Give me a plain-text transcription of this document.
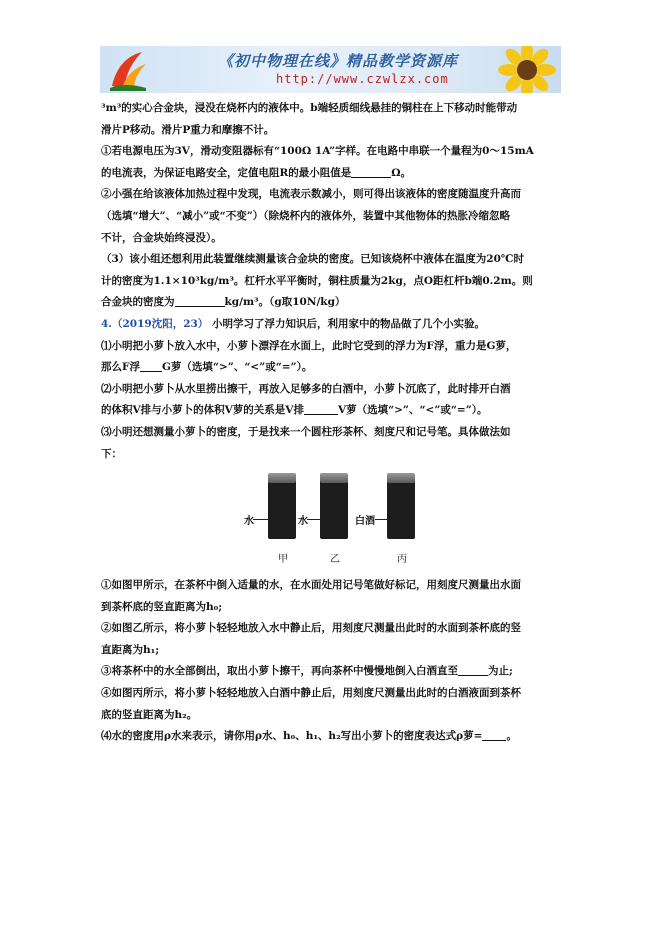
《初中物理在线》精品教学资源库
http://www.czwlzx.com

³m³的实心合金块，浸没在烧杯内的液体中。b端轻质细线悬挂的铜柱在上下移动时能带动

滑片P移动。滑片P重力和摩擦不计。

①若电源电压为3V，滑动变阻器标有“100Ω 1A”字样。在电路中串联一个量程为0～15mA

的电流表，为保证电路安全，定值电阻R的最小阻值是	Ω。

②小强在给该液体加热过程中发现，电流表示数减小，则可得出该液体的密度随温度升高而

（选填“增大”、“减小”或“不变”）（除烧杯内的液体外，装置中其他物体的热胀冷缩忽略

不计，合金块始终浸没）。

（3）该小组还想利用此装置继续测量该合金块的密度。已知该烧杯中液体在温度为20℃时

计的密度为1.1×10³kg/m³。杠杆水平平衡时，铜柱质量为2kg，点O距杠杆b端0.2m。则

合金块的密度为	kg/m³。（g取10N/kg）

4.（2019沈阳，23） 小明学习了浮力知识后，利用家中的物品做了几个小实验。

⑴小明把小萝卜放入水中，小萝卜漂浮在水面上，此时它受到的浮力为F浮，重力是G萝，

那么F浮 G萝（选填“>”、“<”或“=”）。

⑵小明把小萝卜从水里捞出擦干，再放入足够多的白酒中，小萝卜沉底了，此时排开白酒

的体积V排与小萝卜的体积V萝的关系是V排	V萝（选填“>”、“<”或“=”）。

⑶小明还想测量小萝卜的密度，于是找来一个圆柱形茶杯、刻度尺和记号笔。具体做法如

下：

水
甲
水
乙
白酒
丙

①如图甲所示，在茶杯中倒入适量的水，在水面处用记号笔做好标记，用刻度尺测量出水面

到茶杯底的竖直距离为h₀;

②如图乙所示，将小萝卜轻轻地放入水中静止后，用刻度尺测量出此时的水面到茶杯底的竖

直距离为h₁;

③将茶杯中的水全部倒出，取出小萝卜擦干，再向茶杯中慢慢地倒入白酒直至	为止;

④如图丙所示，将小萝卜轻轻地放入白酒中静止后，用刻度尺测量出此时的白酒液面到茶杯

底的竖直距离为h₂。

⑷水的密度用ρ水来表示，请你用ρ水、h₀、h₁、h₂写出小萝卜的密度表达式ρ萝= 。
